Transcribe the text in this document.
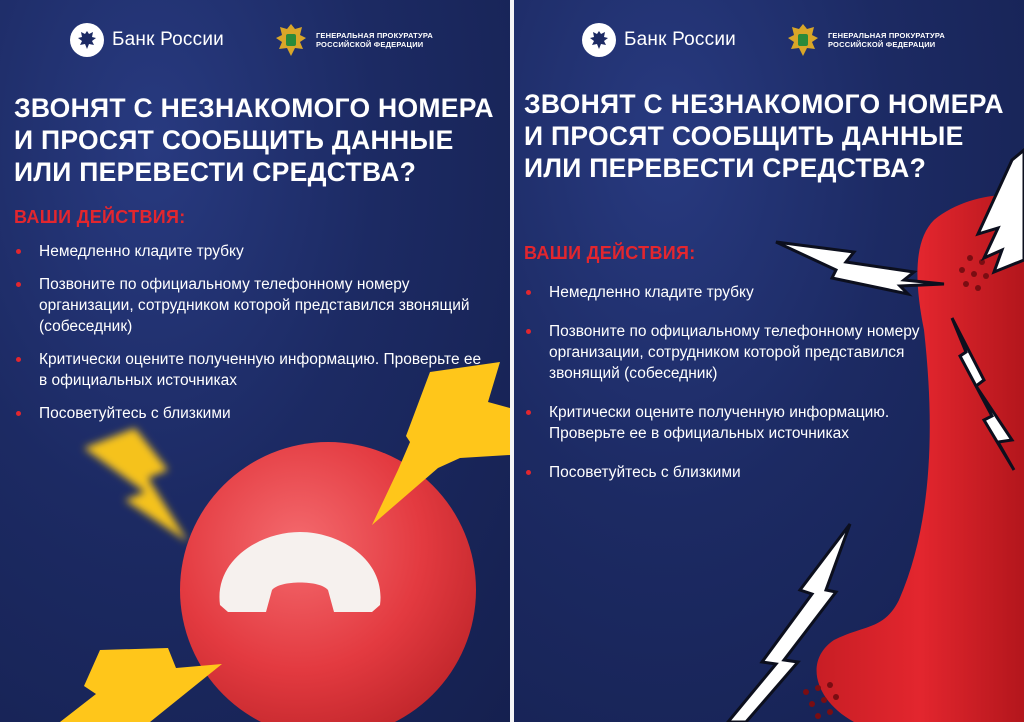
Банк России	ГЕНЕРАЛЬНАЯ ПРОКУРАТУРА
РОССИЙСКОЙ ФЕДЕРАЦИИ
ЗВОНЯТ С НЕЗНАКОМОГО НОМЕРА И ПРОСЯТ СООБЩИТЬ ДАННЫЕ ИЛИ ПЕРЕВЕСТИ СРЕДСТВА?
ВАШИ ДЕЙСТВИЯ:
Немедленно кладите трубку
Позвоните по официальному телефонному номеру организации, сотрудником которой представился звонящий (собеседник)
Критически оцените полученную информацию. Проверьте ее в официальных источниках
Посоветуйтесь с близкими
Банк России	ГЕНЕРАЛЬНАЯ ПРОКУРАТУРА
РОССИЙСКОЙ ФЕДЕРАЦИИ
ЗВОНЯТ С НЕЗНАКОМОГО НОМЕРА И ПРОСЯТ СООБЩИТЬ ДАННЫЕ ИЛИ ПЕРЕВЕСТИ СРЕДСТВА?
ВАШИ ДЕЙСТВИЯ:
Немедленно кладите трубку
Позвоните по официальному телефонному номеру организации, сотрудником которой представился звонящий (собеседник)
Критически оцените полученную информацию. Проверьте ее в официальных источниках
Посоветуйтесь с близкими
